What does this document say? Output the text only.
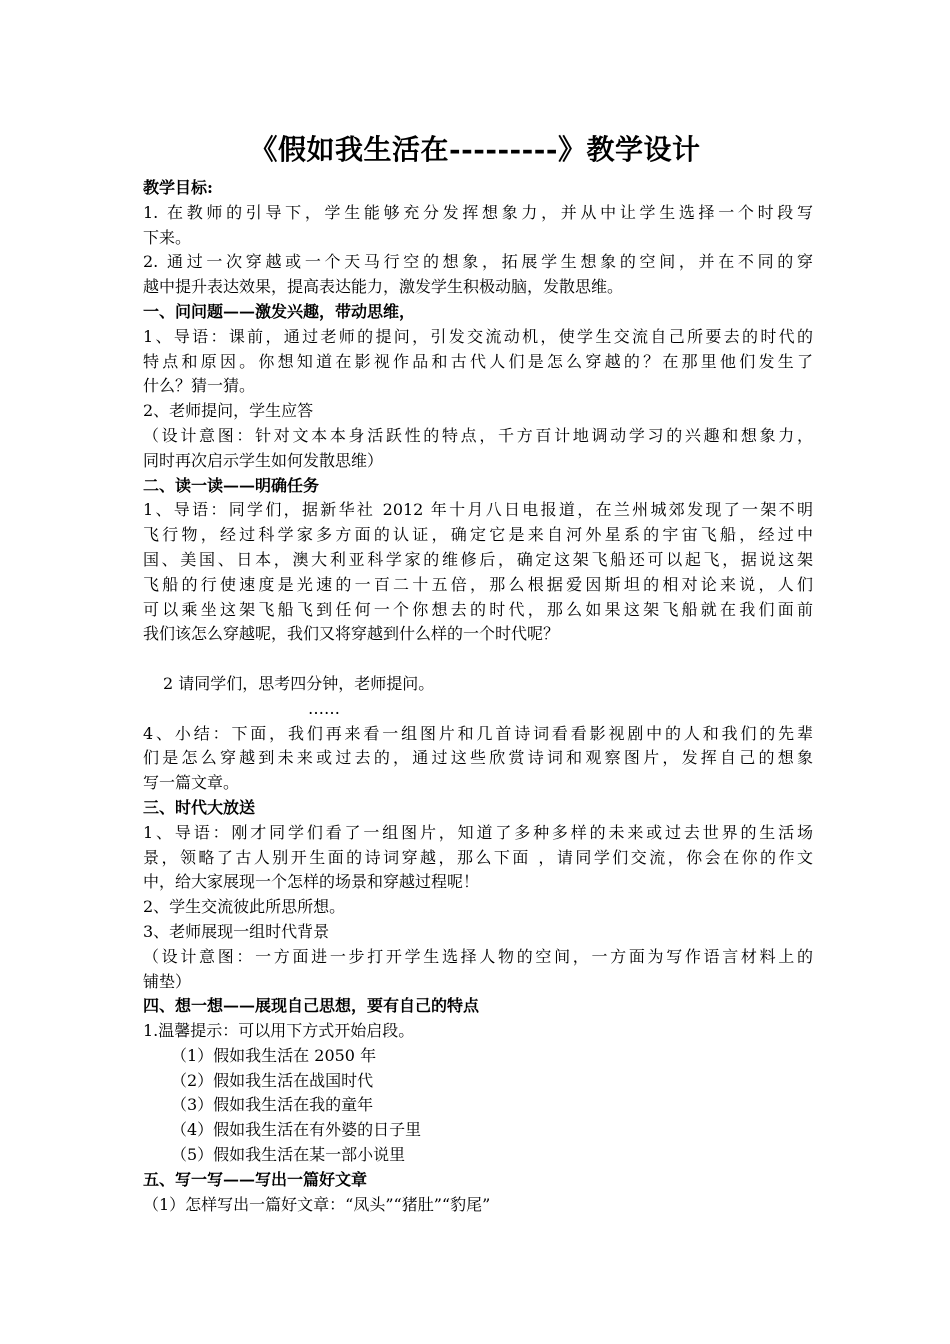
《假如我生活在---------》教学设计
教学目标:
1. 在教师的引导下，学生能够充分发挥想象力，并从中让学生选择一个时段写
下来。
2. 通过一次穿越或一个天马行空的想象，拓展学生想象的空间，并在不同的穿
越中提升表达效果，提高表达能力，激发学生积极动脑，发散思维。
一、问问题——激发兴趣，带动思维，
1、导语：课前，通过老师的提问，引发交流动机，使学生交流自己所要去的时代的
特点和原因。你想知道在影视作品和古代人们是怎么穿越的？在那里他们发生了
什么？猜一猜。
2、老师提问，学生应答
（设计意图：针对文本本身活跃性的特点，千方百计地调动学习的兴趣和想象力，
同时再次启示学生如何发散思维）
二、读一读——明确任务
1、导语：同学们，据新华社 2012 年十月八日电报道，在兰州城郊发现了一架不明
飞行物，经过科学家多方面的认证，确定它是来自河外星系的宇宙飞船，经过中
国、美国、日本，澳大利亚科学家的维修后，确定这架飞船还可以起飞，据说这架
飞船的行使速度是光速的一百二十五倍，那么根据爱因斯坦的相对论来说，人们
可以乘坐这架飞船飞到任何一个你想去的时代，那么如果这架飞船就在我们面前
我们该怎么穿越呢，我们又将穿越到什么样的一个时代呢？
2 请同学们，思考四分钟，老师提问。
……
4、小结：下面，我们再来看一组图片和几首诗词看看影视剧中的人和我们的先辈
们是怎么穿越到未来或过去的，通过这些欣赏诗词和观察图片，发挥自己的想象
写一篇文章。
三、时代大放送
1、导语：刚才同学们看了一组图片，知道了多种多样的未来或过去世界的生活场
景，领略了古人别开生面的诗词穿越，那么下面 ，请同学们交流，你会在你的作文
中，给大家展现一个怎样的场景和穿越过程呢！
2、学生交流彼此所思所想。
3、老师展现一组时代背景
（设计意图：一方面进一步打开学生选择人物的空间，一方面为写作语言材料上的
铺垫）
四、想一想——展现自己思想，要有自己的特点
1.温馨提示：可以用下方式开始启段。
（1）假如我生活在 2050 年
（2）假如我生活在战国时代
（3）假如我生活在我的童年
（4）假如我生活在有外婆的日子里
（5）假如我生活在某一部小说里
五、写一写——写出一篇好文章
（1）怎样写出一篇好文章：“凤头”“猪肚”“豹尾”
